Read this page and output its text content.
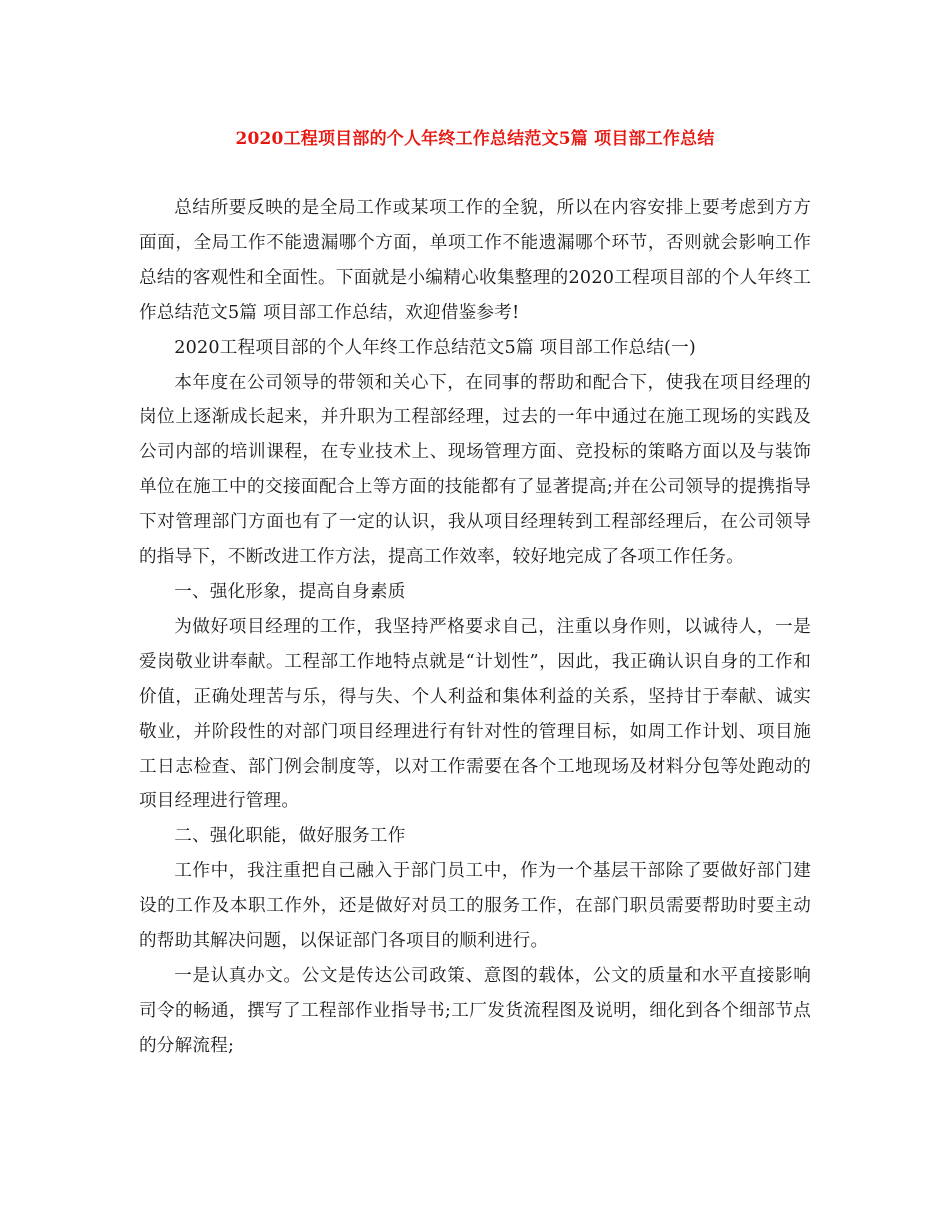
2020工程项目部的个人年终工作总结范文5篇 项目部工作总结

总结所要反映的是全局工作或某项工作的全貌，所以在内容安排上要考虑到方方面面，全局工作不能遗漏哪个方面，单项工作不能遗漏哪个环节，否则就会影响工作总结的客观性和全面性。下面就是小编精心收集整理的2020工程项目部的个人年终工作总结范文5篇 项目部工作总结，欢迎借鉴参考!

2020工程项目部的个人年终工作总结范文5篇 项目部工作总结(一)

本年度在公司领导的带领和关心下，在同事的帮助和配合下，使我在项目经理的岗位上逐渐成长起来，并升职为工程部经理，过去的一年中通过在施工现场的实践及公司内部的培训课程，在专业技术上、现场管理方面、竞投标的策略方面以及与装饰单位在施工中的交接面配合上等方面的技能都有了显著提高;并在公司领导的提携指导下对管理部门方面也有了一定的认识，我从项目经理转到工程部经理后，在公司领导的指导下，不断改进工作方法，提高工作效率，较好地完成了各项工作任务。

一、强化形象，提高自身素质

为做好项目经理的工作，我坚持严格要求自己，注重以身作则，以诚待人，一是爱岗敬业讲奉献。工程部工作地特点就是“计划性”，因此，我正确认识自身的工作和价值，正确处理苦与乐，得与失、个人利益和集体利益的关系，坚持甘于奉献、诚实敬业，并阶段性的对部门项目经理进行有针对性的管理目标，如周工作计划、项目施工日志检查、部门例会制度等，以对工作需要在各个工地现场及材料分包等处跑动的项目经理进行管理。

二、强化职能，做好服务工作

工作中，我注重把自己融入于部门员工中，作为一个基层干部除了要做好部门建设的工作及本职工作外，还是做好对员工的服务工作，在部门职员需要帮助时要主动的帮助其解决问题，以保证部门各项目的顺利进行。

一是认真办文。公文是传达公司政策、意图的载体，公文的质量和水平直接影响司令的畅通，撰写了工程部作业指导书;工厂发货流程图及说明，细化到各个细部节点的分解流程;
